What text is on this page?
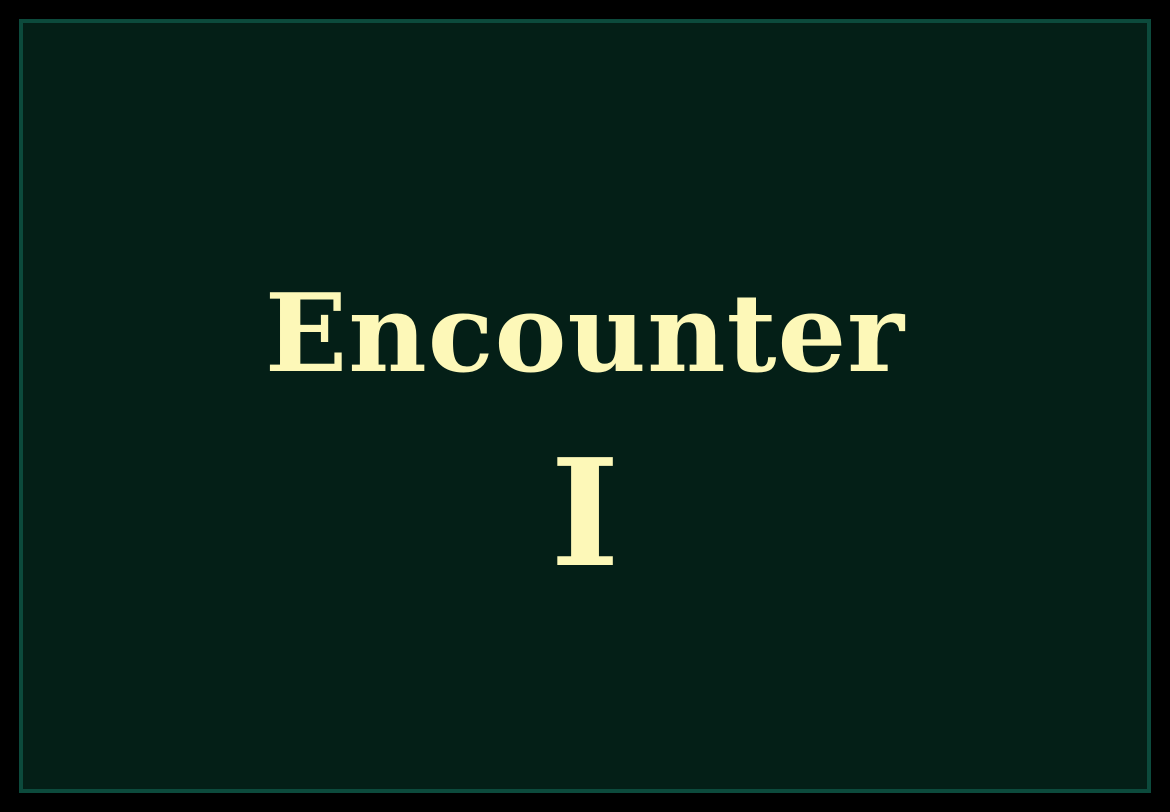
Encounter
I
